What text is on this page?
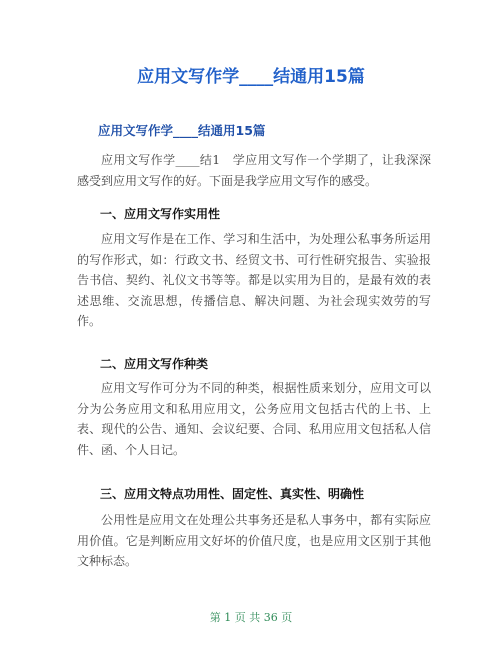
应用文写作学____结通用15篇
应用文写作学____结通用15篇

应用文写作学____结1　学应用文写作一个学期了，让我深深感受到应用文写作的好。下面是我学应用文写作的感受。

一、应用文写作实用性

应用文写作是在工作、学习和生活中，为处理公私事务所运用的写作形式，如：行政文书、经贸文书、可行性研究报告、实验报告书信、契约、礼仪文书等等。都是以实用为目的，是最有效的表述思维、交流思想，传播信息、解决问题、为社会现实效劳的写作。

二、应用文写作种类

应用文写作可分为不同的种类，根据性质来划分，应用文可以分为公务应用文和私用应用文，公务应用文包括古代的上书、上表、现代的公告、通知、会议纪要、合同、私用应用文包括私人信件、函、个人日记。

三、应用文特点功用性、固定性、真实性、明确性

公用性是应用文在处理公共事务还是私人事务中，都有实际应用价值。它是判断应用文好坏的价值尺度，也是应用文区别于其他文种标态。

第 1 页 共 36 页
